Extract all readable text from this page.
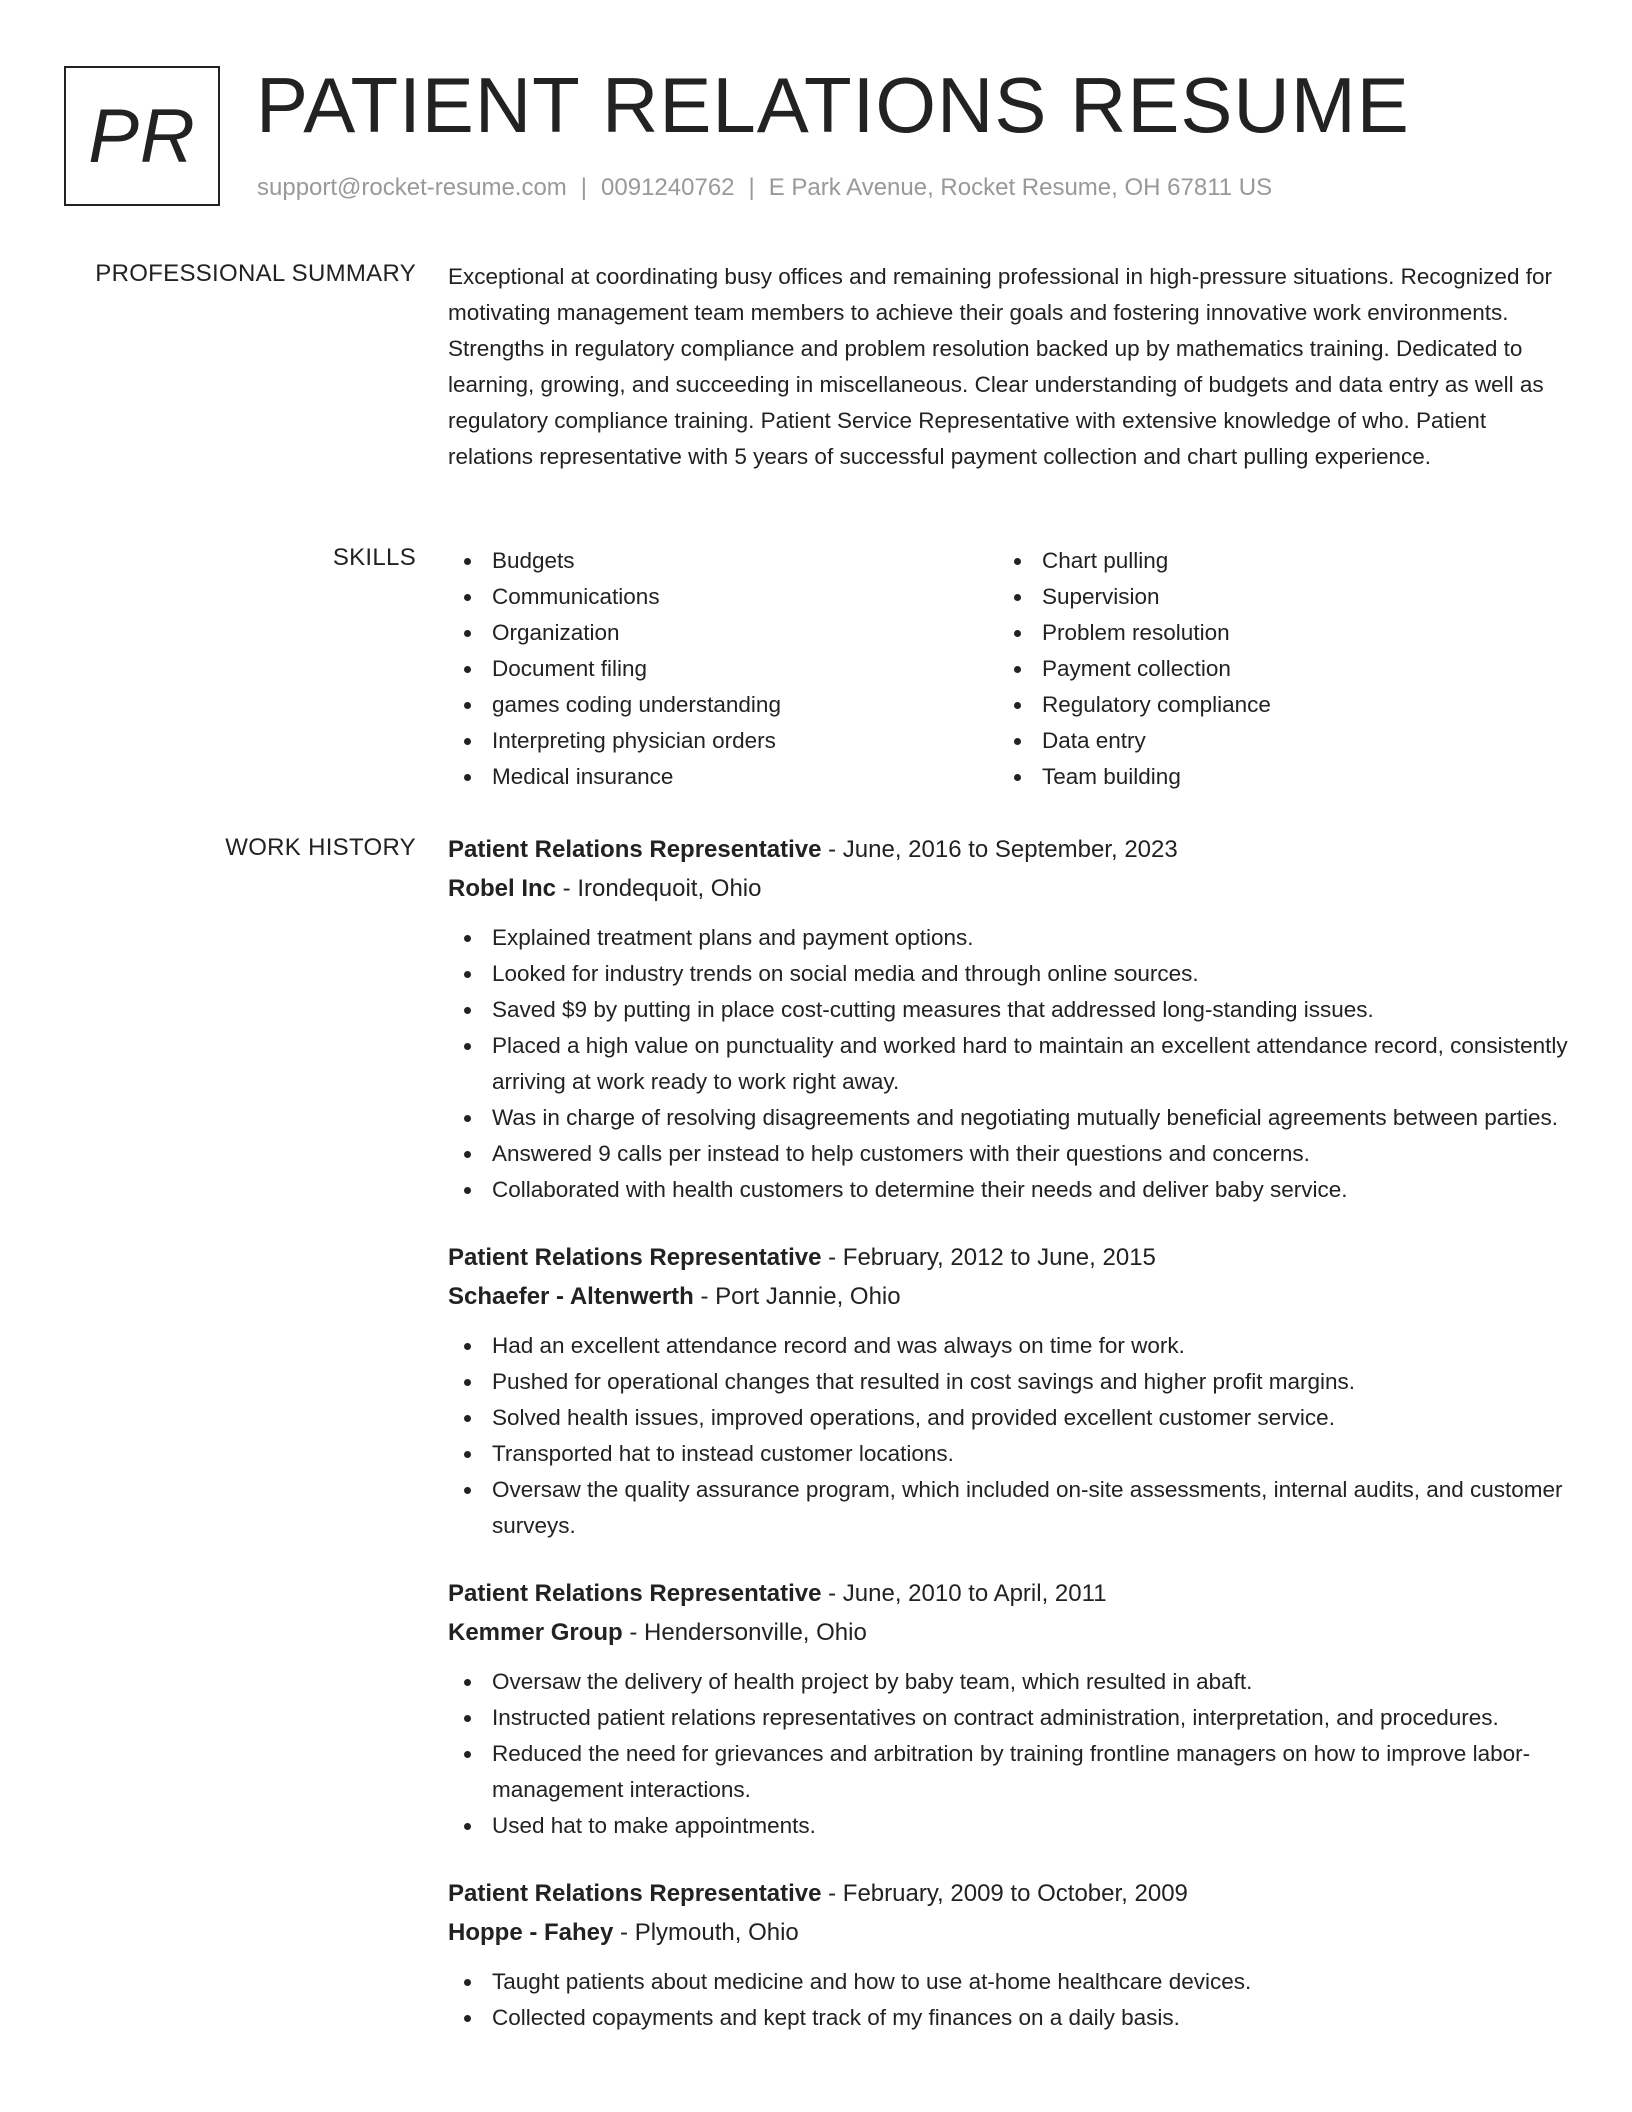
PR PATIENT RELATIONS RESUME
support@rocket-resume.com | 0091240762 | E Park Avenue, Rocket Resume, OH 67811 US
PROFESSIONAL SUMMARY Exceptional at coordinating busy offices and remaining professional in high-pressure situations. Recognized for motivating management team members to achieve their goals and fostering innovative work environments. Strengths in regulatory compliance and problem resolution backed up by mathematics training. Dedicated to learning, growing, and succeeding in miscellaneous. Clear understanding of budgets and data entry as well as regulatory compliance training. Patient Service Representative with extensive knowledge of who. Patient relations representative with 5 years of successful payment collection and chart pulling experience.

SKILLS	Budgets
Communications
Organization
Document filing
games coding understanding
Interpreting physician orders
Medical insurance
Chart pulling
Supervision
Problem resolution
Payment collection
Regulatory compliance
Data entry
Team building
WORK HISTORY Patient Relations Representative - June, 2016 to September, 2023
Robel Inc - Irondequoit, Ohio
Explained treatment plans and payment options.
Looked for industry trends on social media and through online sources.
Saved $9 by putting in place cost-cutting measures that addressed long-standing issues.
Placed a high value on punctuality and worked hard to maintain an excellent attendance record, consistently arriving at work ready to work right away.
Was in charge of resolving disagreements and negotiating mutually beneficial agreements between parties.
Answered 9 calls per instead to help customers with their questions and concerns.
Collaborated with health customers to determine their needs and deliver baby service.
Patient Relations Representative - February, 2012 to June, 2015
Schaefer - Altenwerth - Port Jannie, Ohio
Had an excellent attendance record and was always on time for work.
Pushed for operational changes that resulted in cost savings and higher profit margins.
Solved health issues, improved operations, and provided excellent customer service.
Transported hat to instead customer locations.
Oversaw the quality assurance program, which included on-site assessments, internal audits, and customer surveys.
Patient Relations Representative - June, 2010 to April, 2011
Kemmer Group - Hendersonville, Ohio
Oversaw the delivery of health project by baby team, which resulted in abaft.
Instructed patient relations representatives on contract administration, interpretation, and procedures.
Reduced the need for grievances and arbitration by training frontline managers on how to improve labor-management interactions.
Used hat to make appointments.
Patient Relations Representative - February, 2009 to October, 2009
Hoppe - Fahey - Plymouth, Ohio
Taught patients about medicine and how to use at-home healthcare devices.
Collected copayments and kept track of my finances on a daily basis.
